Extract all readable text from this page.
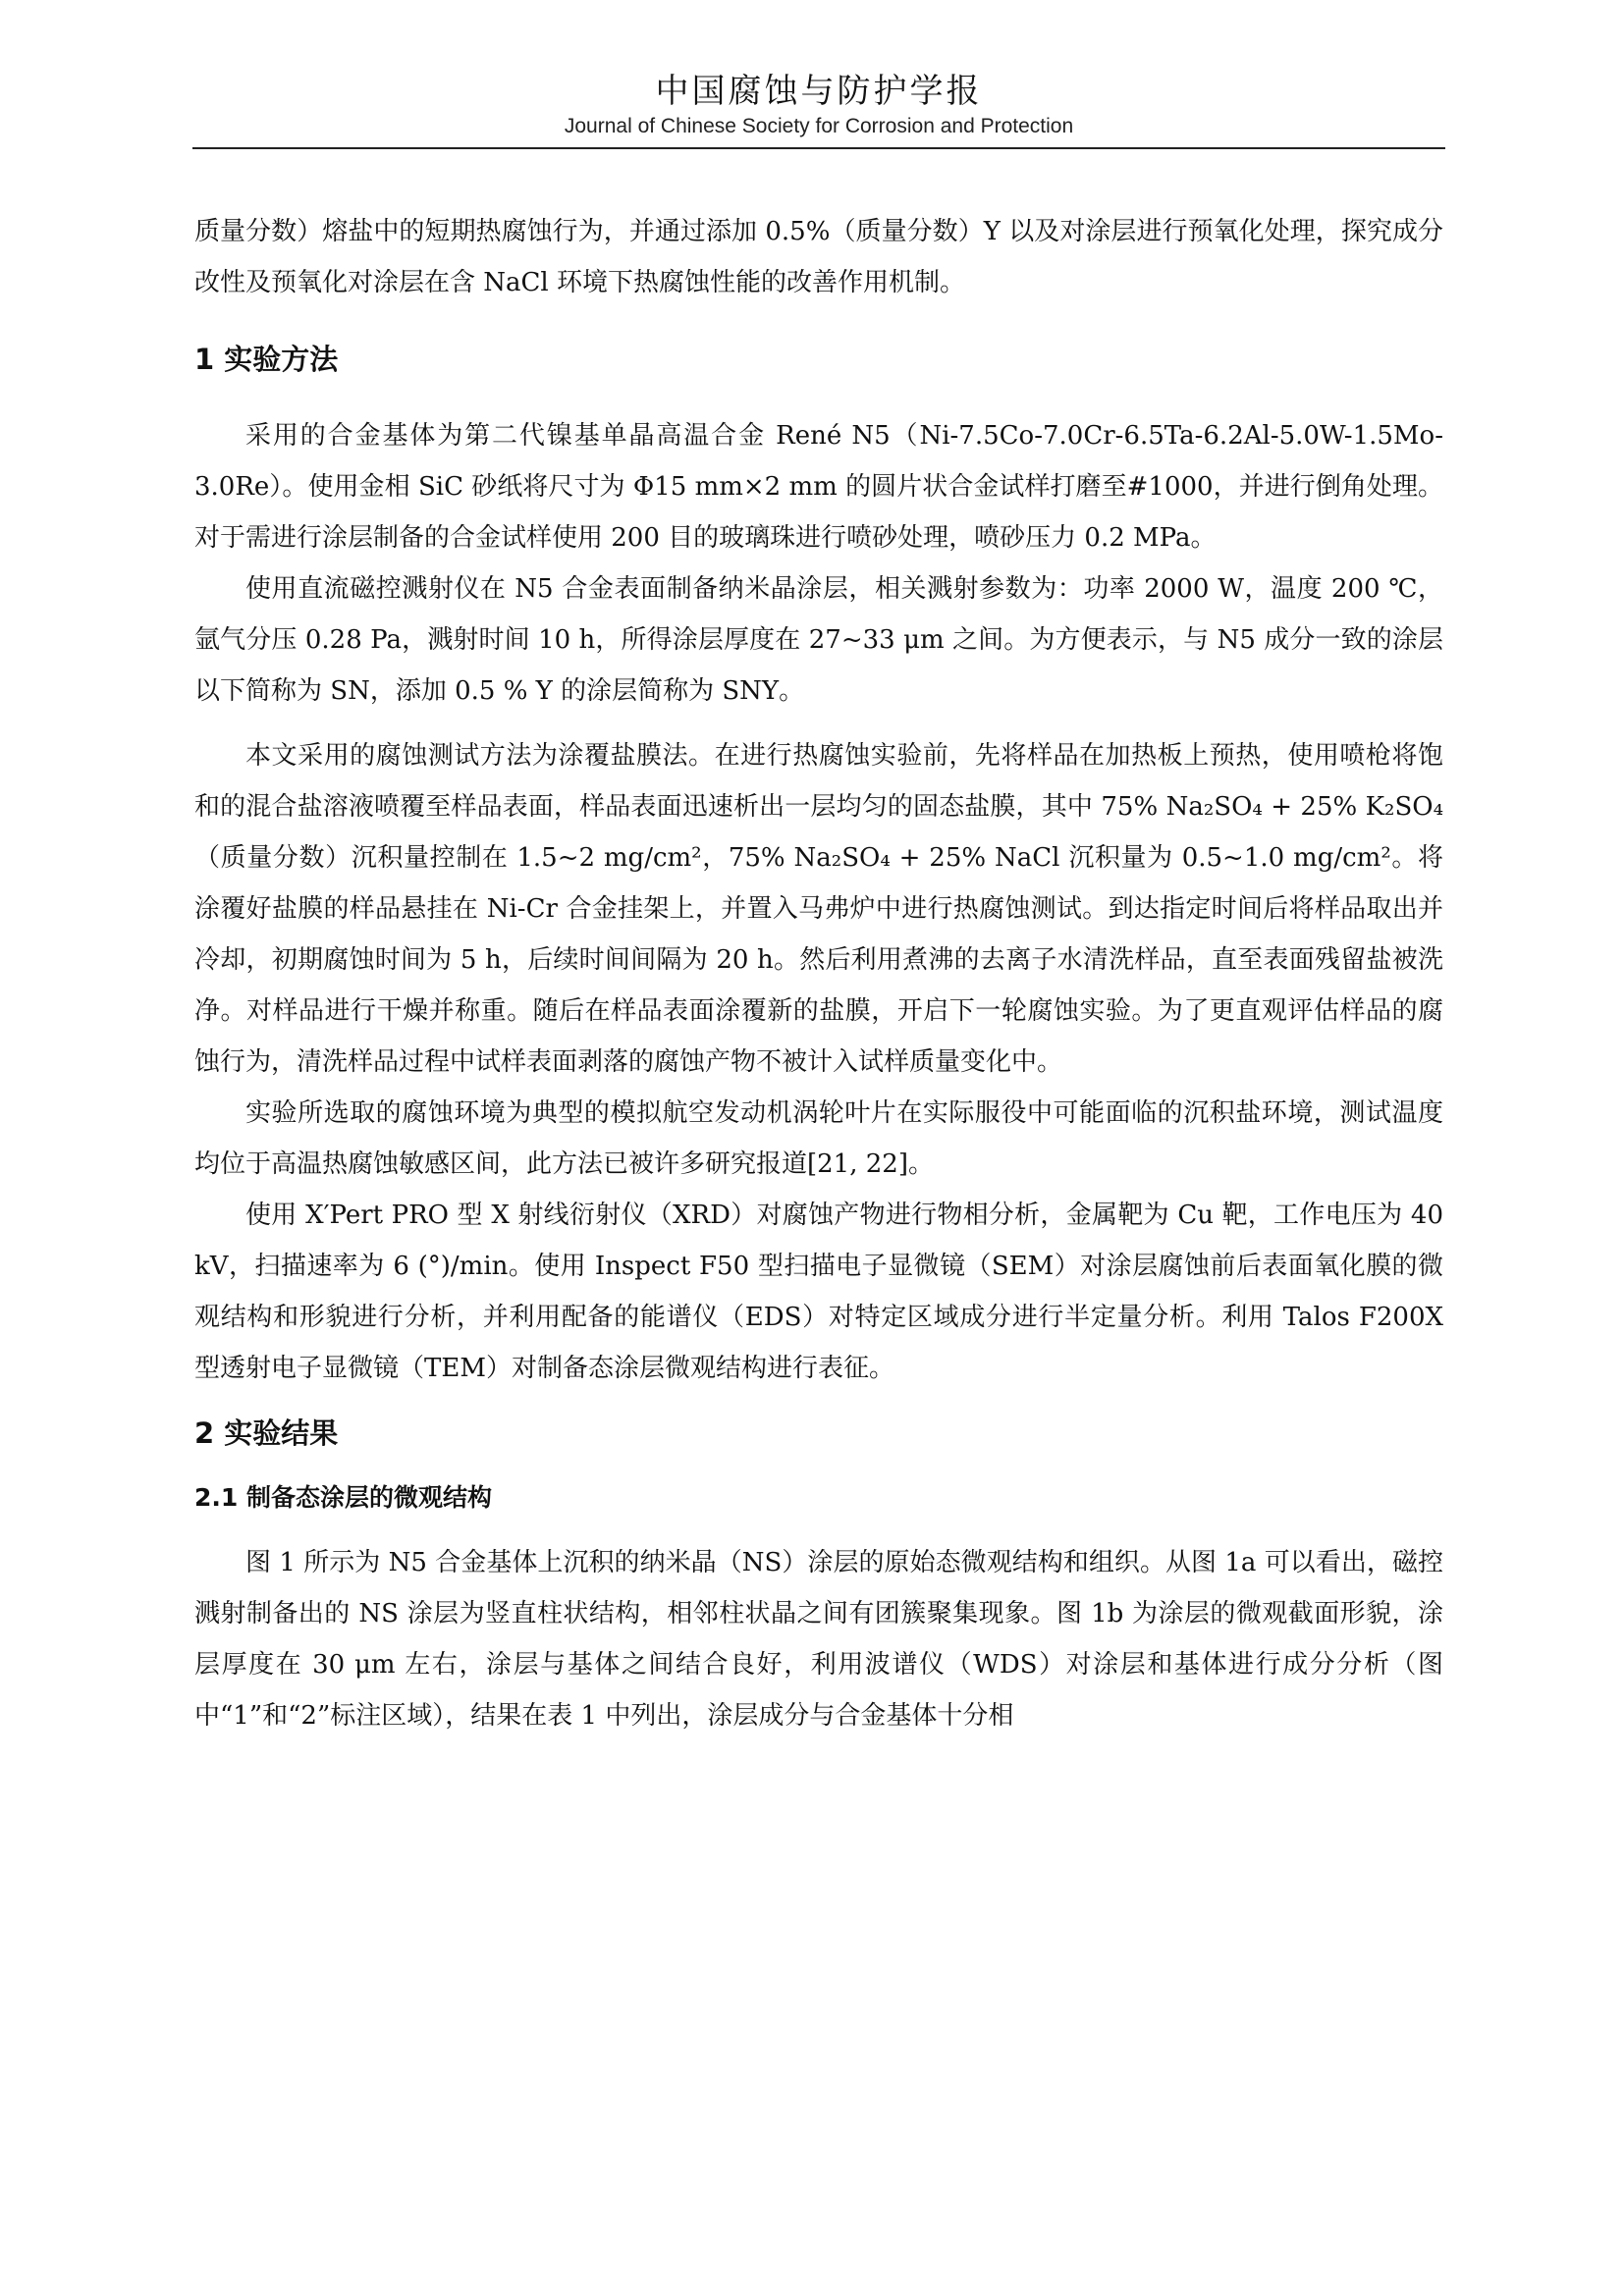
中国腐蚀与防护学报
Journal of Chinese Society for Corrosion and Protection

质量分数）熔盐中的短期热腐蚀行为，并通过添加 0.5%（质量分数）Y 以及对涂层进行预氧化处理，探究成分改性及预氧化对涂层在含 NaCl 环境下热腐蚀性能的改善作用机制。

1 实验方法

采用的合金基体为第二代镍基单晶高温合金 René N5（Ni-7.5Co-7.0Cr-6.5Ta-6.2Al-5.0W-1.5Mo-3.0Re）。使用金相 SiC 砂纸将尺寸为 Φ15 mm×2 mm 的圆片状合金试样打磨至#1000，并进行倒角处理。对于需进行涂层制备的合金试样使用 200 目的玻璃珠进行喷砂处理，喷砂压力 0.2 MPa。

使用直流磁控溅射仪在 N5 合金表面制备纳米晶涂层，相关溅射参数为：功率 2000 W，温度 200 ℃，氩气分压 0.28 Pa，溅射时间 10 h，所得涂层厚度在 27~33 μm 之间。为方便表示，与 N5 成分一致的涂层以下简称为 SN，添加 0.5 % Y 的涂层简称为 SNY。

本文采用的腐蚀测试方法为涂覆盐膜法。在进行热腐蚀实验前，先将样品在加热板上预热，使用喷枪将饱和的混合盐溶液喷覆至样品表面，样品表面迅速析出一层均匀的固态盐膜，其中 75% Na₂SO₄ + 25% K₂SO₄（质量分数）沉积量控制在 1.5~2 mg/cm²，75% Na₂SO₄ + 25% NaCl 沉积量为 0.5~1.0 mg/cm²。将涂覆好盐膜的样品悬挂在 Ni-Cr 合金挂架上，并置入马弗炉中进行热腐蚀测试。到达指定时间后将样品取出并冷却，初期腐蚀时间为 5 h，后续时间间隔为 20 h。然后利用煮沸的去离子水清洗样品，直至表面残留盐被洗净。对样品进行干燥并称重。随后在样品表面涂覆新的盐膜，开启下一轮腐蚀实验。为了更直观评估样品的腐蚀行为，清洗样品过程中试样表面剥落的腐蚀产物不被计入试样质量变化中。

实验所选取的腐蚀环境为典型的模拟航空发动机涡轮叶片在实际服役中可能面临的沉积盐环境，测试温度均位于高温热腐蚀敏感区间，此方法已被许多研究报道[21, 22]。

使用 X′Pert PRO 型 X 射线衍射仪（XRD）对腐蚀产物进行物相分析，金属靶为 Cu 靶，工作电压为 40 kV，扫描速率为 6 (°)/min。使用 Inspect F50 型扫描电子显微镜（SEM）对涂层腐蚀前后表面氧化膜的微观结构和形貌进行分析，并利用配备的能谱仪（EDS）对特定区域成分进行半定量分析。利用 Talos F200X 型透射电子显微镜（TEM）对制备态涂层微观结构进行表征。

2 实验结果
2.1 制备态涂层的微观结构

图 1 所示为 N5 合金基体上沉积的纳米晶（NS）涂层的原始态微观结构和组织。从图 1a 可以看出，磁控溅射制备出的 NS 涂层为竖直柱状结构，相邻柱状晶之间有团簇聚集现象。图 1b 为涂层的微观截面形貌，涂层厚度在 30 μm 左右，涂层与基体之间结合良好，利用波谱仪（WDS）对涂层和基体进行成分分析（图中“1”和“2”标注区域），结果在表 1 中列出，涂层成分与合金基体十分相
